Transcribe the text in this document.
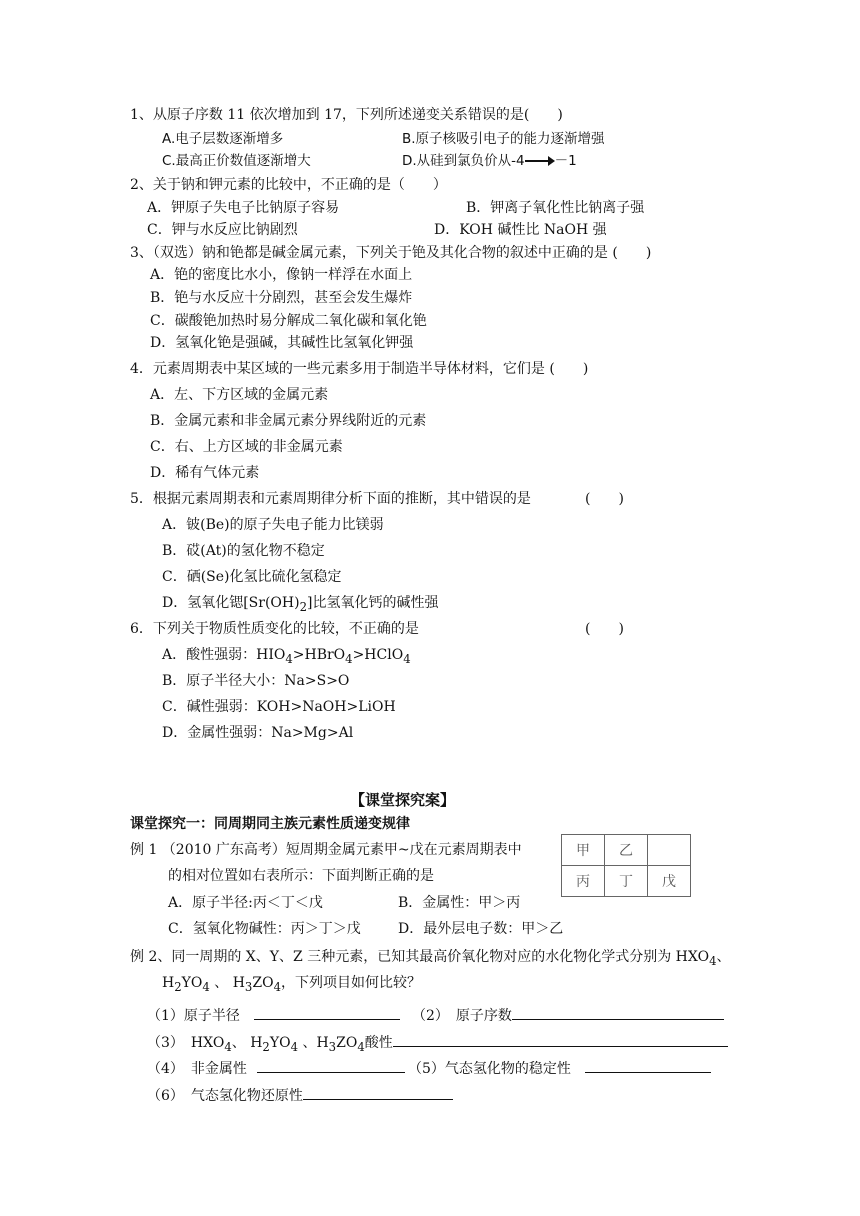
1、从原子序数 11 依次增加到 17，下列所述递变关系错误的是(　　)
A.电子层数逐渐增多	B.原子核吸引电子的能力逐渐增强
C.最高正价数值逐渐增大	D.从硅到氯负价从-4 －1
2、关于钠和钾元素的比较中，不正确的是（　　）
A．钾原子失电子比钠原子容易	B．钾离子氧化性比钠离子强
C．钾与水反应比钠剧烈	D．KOH 碱性比 NaOH 强
3、（双选）钠和铯都是碱金属元素，下列关于铯及其化合物的叙述中正确的是 (　　)
A．铯的密度比水小，像钠一样浮在水面上
B．铯与水反应十分剧烈，甚至会发生爆炸
C．碳酸铯加热时易分解成二氧化碳和氧化铯
D．氢氧化铯是强碱，其碱性比氢氧化钾强
4．元素周期表中某区域的一些元素多用于制造半导体材料，它们是 (　　)
A．左、下方区域的金属元素
B．金属元素和非金属元素分界线附近的元素
C．右、上方区域的非金属元素
D．稀有气体元素
5．根据元素周期表和元素周期律分析下面的推断，其中错误的是	(　　)
A．铍(Be)的原子失电子能力比镁弱
B．砹(At)的氢化物不稳定
C．硒(Se)化氢比硫化氢稳定
D．氢氧化锶$[Sr(OH)_2]$比氢氧化钙的碱性强
6．下列关于物质性质变化的比较，不正确的是	(　　)
A．酸性强弱：$HIO_4>HBrO_4>HClO_4$
B．原子半径大小：Na>S>O
C．碱性强弱：KOH>NaOH>LiOH
D．金属性强弱：Na>Mg>Al
【课堂探究案】
课堂探究一：同周期同主族元素性质递变规律
例 1 （2010 广东高考）短周期金属元素甲~戊在元素周期表中
的相对位置如右表所示：下面判断正确的是
A．原子半径:丙＜丁＜戊	B．金属性：甲＞丙
C．氢氧化物碱性：丙＞丁＞戊	D．最外层电子数：甲＞乙
甲	乙	
丙	丁	戊
例 2、同一周期的 X、Y、Z 三种元素，已知其最高价氧化物对应的水化物化学式分别为 $HXO_4$、
$H_2YO_4$ 、 $H_3ZO_4$，下列项目如何比较？
（1）原子半径	（2）　原子序数
（3）　$HXO_4$、 $H_2YO_4$ 、$H_3ZO_4$酸性
（4）　非金属性	（5）气态氢化物的稳定性
（6）　气态氢化物还原性
